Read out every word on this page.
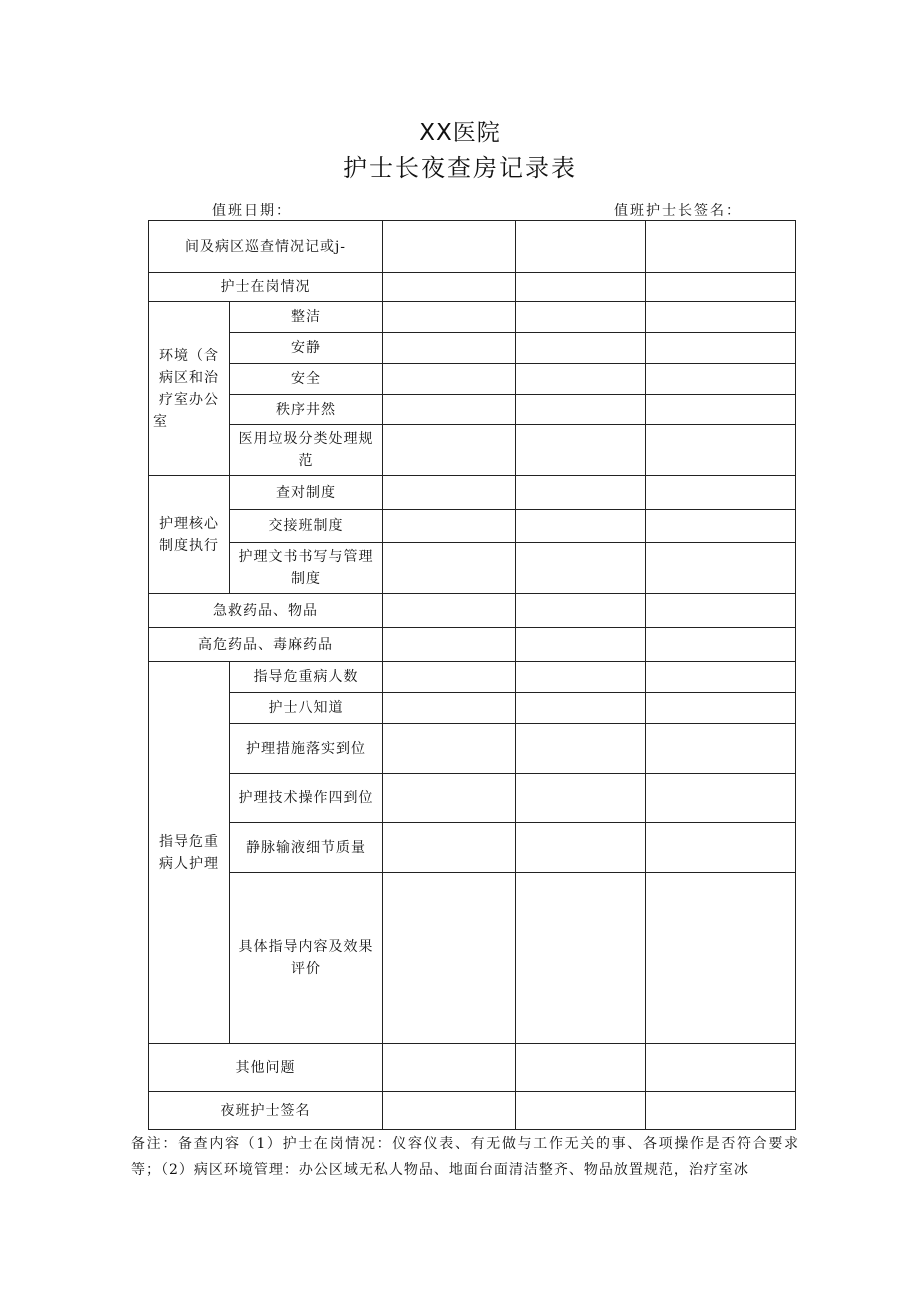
XX医院
护士长夜查房记录表
值班日期：	值班护士长签名：
间及病区巡查情况记或j-				
护士在岗情况				
环境（含病区和治疗室办公室	整洁			
	安静			
	安全			
	秩序井然			
	医用垃圾分类处理规范			
护理核心制度执行	查对制度			
	交接班制度			
	护理文书书写与管理制度			
急救药品、物品				
高危药品、毒麻药品				
指导危重病人护理	指导危重病人数			
	护士八知道			
	护理措施落实到位			
	护理技术操作四到位			
	静脉输液细节质量			
	具体指导内容及效果评价			
其他问题				
夜班护士签名				
备注：备查内容（1）护士在岗情况：仪容仪表、有无做与工作无关的事、各项操作是否符合要求等；（2）病区环境管理：办公区域无私人物品、地面台面清洁整齐、物品放置规范，治疗室冰
